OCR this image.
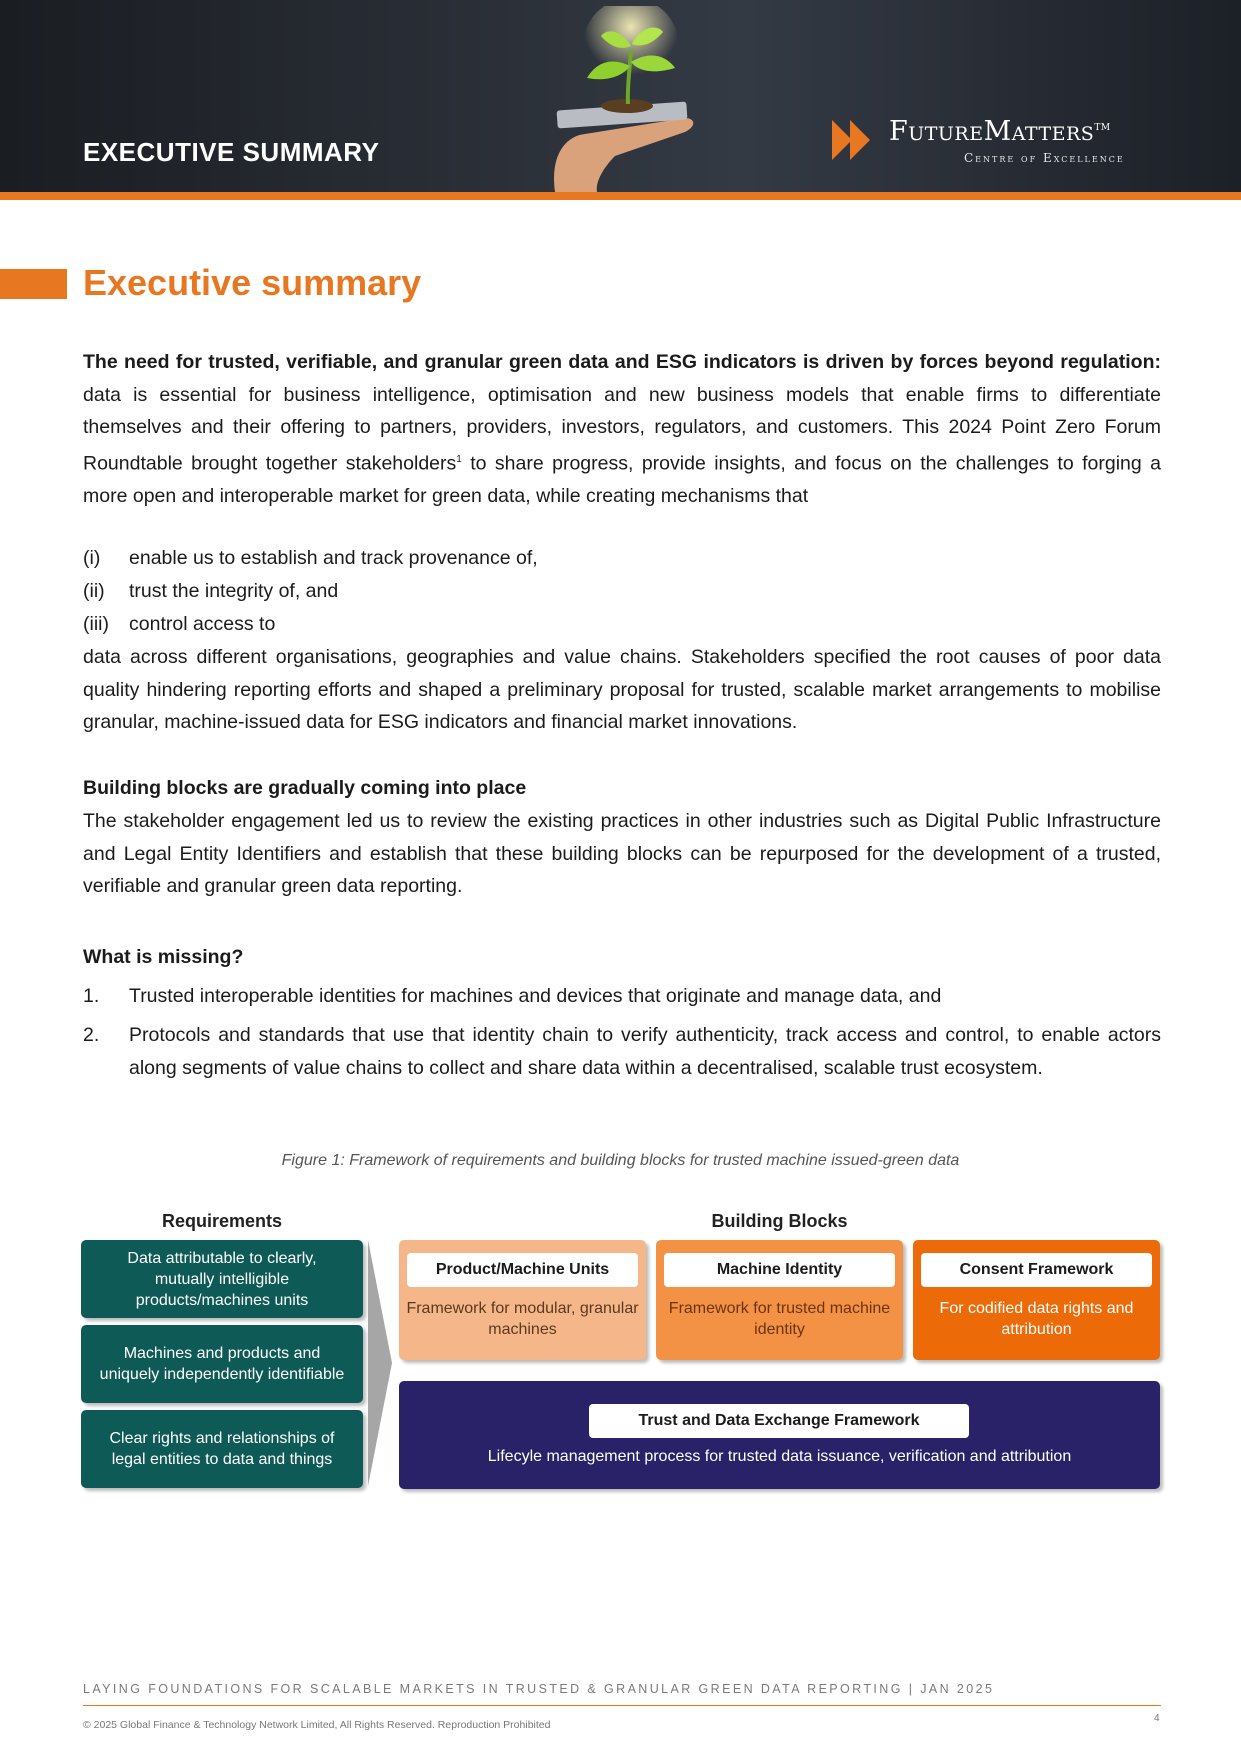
EXECUTIVE SUMMARY
FutureMatters™
Centre of Excellence
Executive summary
The need for trusted, verifiable, and granular green data and ESG indicators is driven by forces beyond regulation: data is essential for business intelligence, optimisation and new business models that enable firms to differentiate themselves and their offering to partners, providers, investors, regulators, and customers. This 2024 Point Zero Forum Roundtable brought together stakeholders$^1$ to share progress, provide insights, and focus on the challenges to forging a more open and interoperable market for green data, while creating mechanisms that
(i) enable us to establish and track provenance of,
(ii) trust the integrity of, and
(iii) control access to
data across different organisations, geographies and value chains. Stakeholders specified the root causes of poor data quality hindering reporting efforts and shaped a preliminary proposal for trusted, scalable market arrangements to mobilise granular, machine-issued data for ESG indicators and financial market innovations.
Building blocks are gradually coming into place
The stakeholder engagement led us to review the existing practices in other industries such as Digital Public Infrastructure and Legal Entity Identifiers and establish that these building blocks can be repurposed for the development of a trusted, verifiable and granular green data reporting.
What is missing?
1. Trusted interoperable identities for machines and devices that originate and manage data, and
2.	Protocols and standards that use that identity chain to verify authenticity, track access and control, to enable actors along segments of value chains to collect and share data within a decentralised, scalable trust ecosystem.
Figure 1: Framework of requirements and building blocks for trusted machine issued-green data
Requirements	Building Blocks
Data attributable to clearly, mutually intelligible products/machines units
Machines and products and uniquely independently identifiable
Clear rights and relationships of legal entities to data and things
Product/Machine Units
Framework for modular, granular machines
Machine Identity
Framework for trusted machine identity
Consent Framework
For codified data rights and attribution
Trust and Data Exchange Framework
Lifecyle management process for trusted data issuance, verification and attribution
LAYING FOUNDATIONS FOR SCALABLE MARKETS IN TRUSTED & GRANULAR GREEN DATA REPORTING | JAN 2025
© 2025 Global Finance & Technology Network Limited, All Rights Reserved. Reproduction Prohibited
4
